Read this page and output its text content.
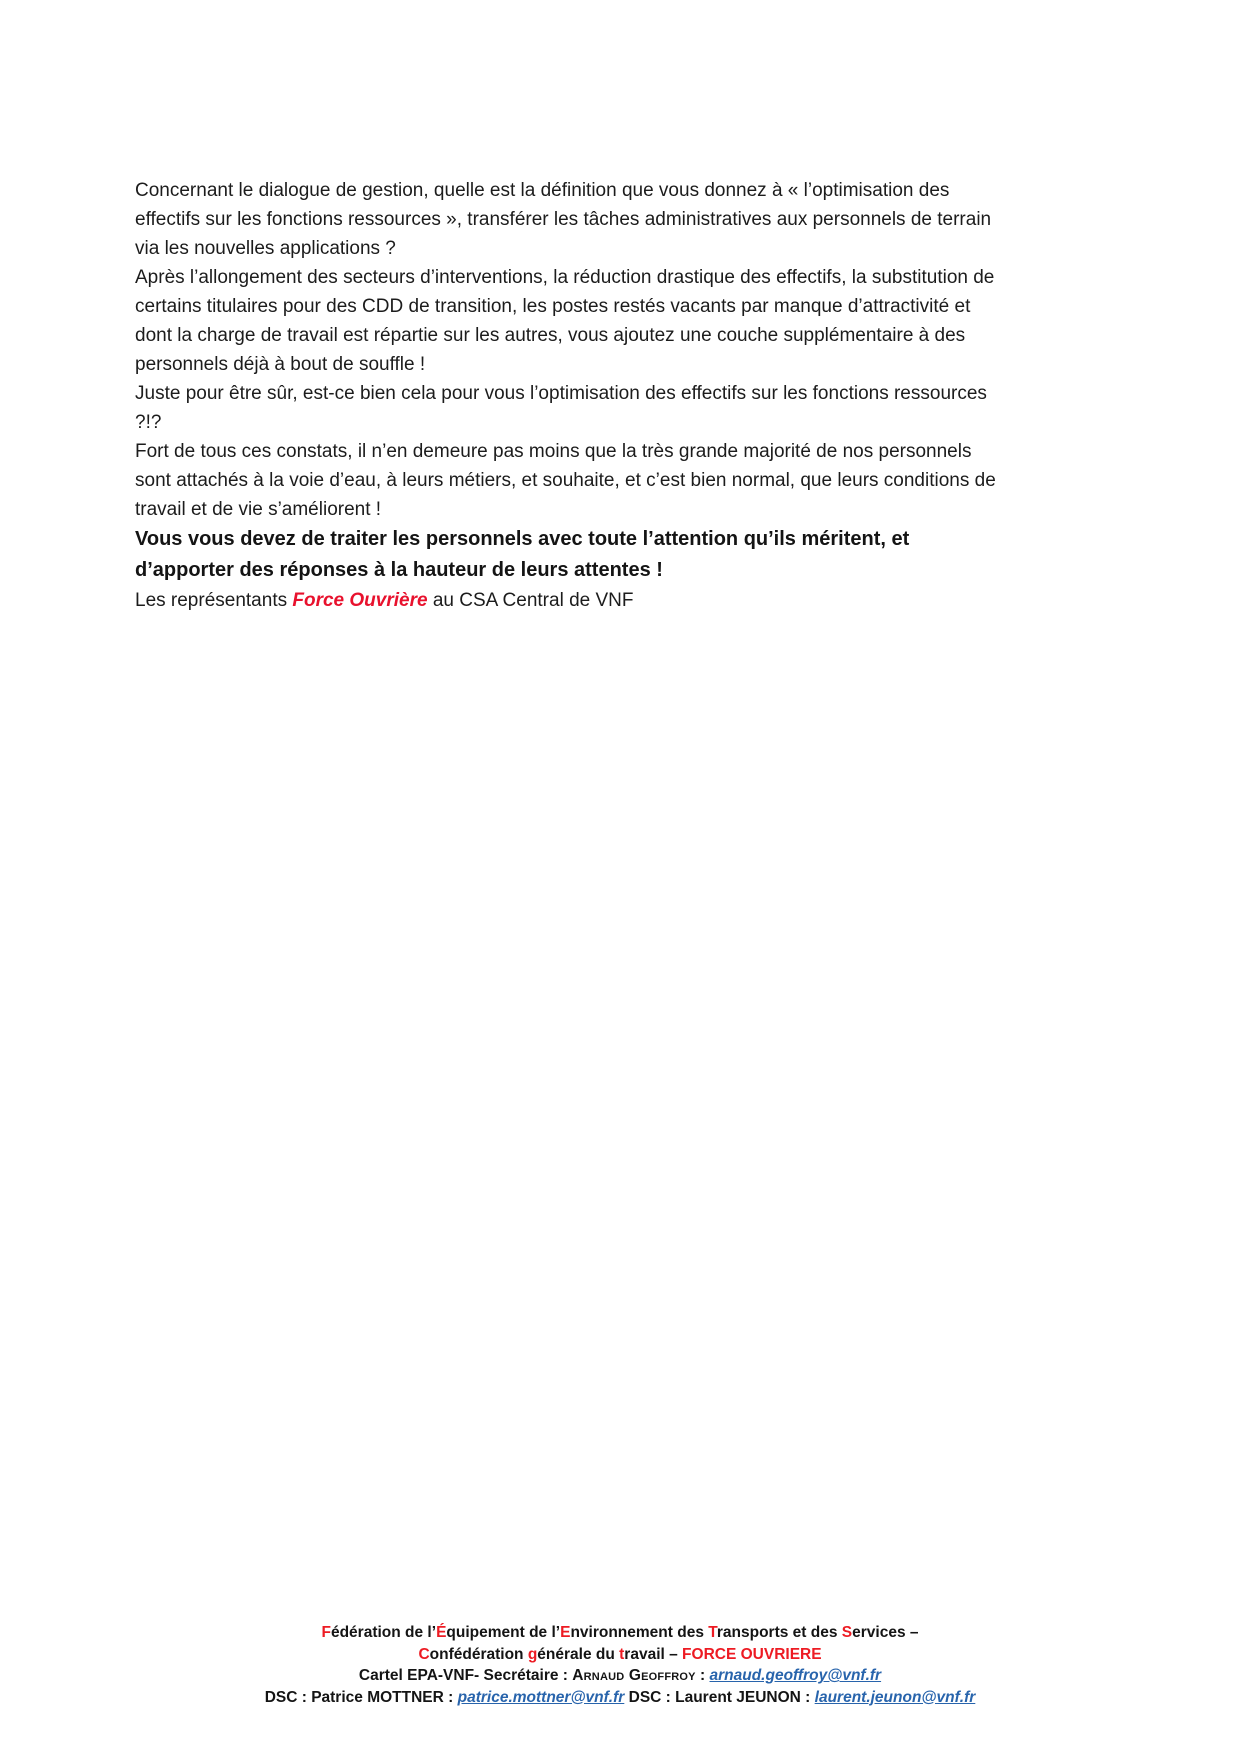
Concernant le dialogue de gestion, quelle est la définition que vous donnez à « l’optimisation des effectifs sur les fonctions ressources », transférer les tâches administratives aux personnels de terrain via les nouvelles applications ?

Après l’allongement des secteurs d’interventions, la réduction drastique des effectifs, la substitution de certains titulaires pour des CDD de transition, les postes restés vacants par manque d’attractivité et dont la charge de travail est répartie sur les autres, vous ajoutez une couche supplémentaire à des personnels déjà à bout de souffle !

Juste pour être sûr, est-ce bien cela pour vous l’optimisation des effectifs sur les fonctions ressources ?!?

Fort de tous ces constats, il n’en demeure pas moins que la très grande majorité de nos personnels sont attachés à la voie d’eau, à leurs métiers, et souhaite, et c’est bien normal, que leurs conditions de travail et de vie s’améliorent !

Vous vous devez de traiter les personnels avec toute l’attention qu’ils méritent, et d’apporter des réponses à la hauteur de leurs attentes !

Les représentants Force Ouvrière au CSA Central de VNF

Fédération de l’Équipement de l’Environnement des Transports et des Services –
Confédération générale du travail – FORCE OUVRIERE
Cartel EPA-VNF- Secrétaire : Arnaud Geoffroy : arnaud.geoffroy@vnf.fr
DSC : Patrice MOTTNER : patrice.mottner@vnf.fr DSC : Laurent JEUNON : laurent.jeunon@vnf.fr
